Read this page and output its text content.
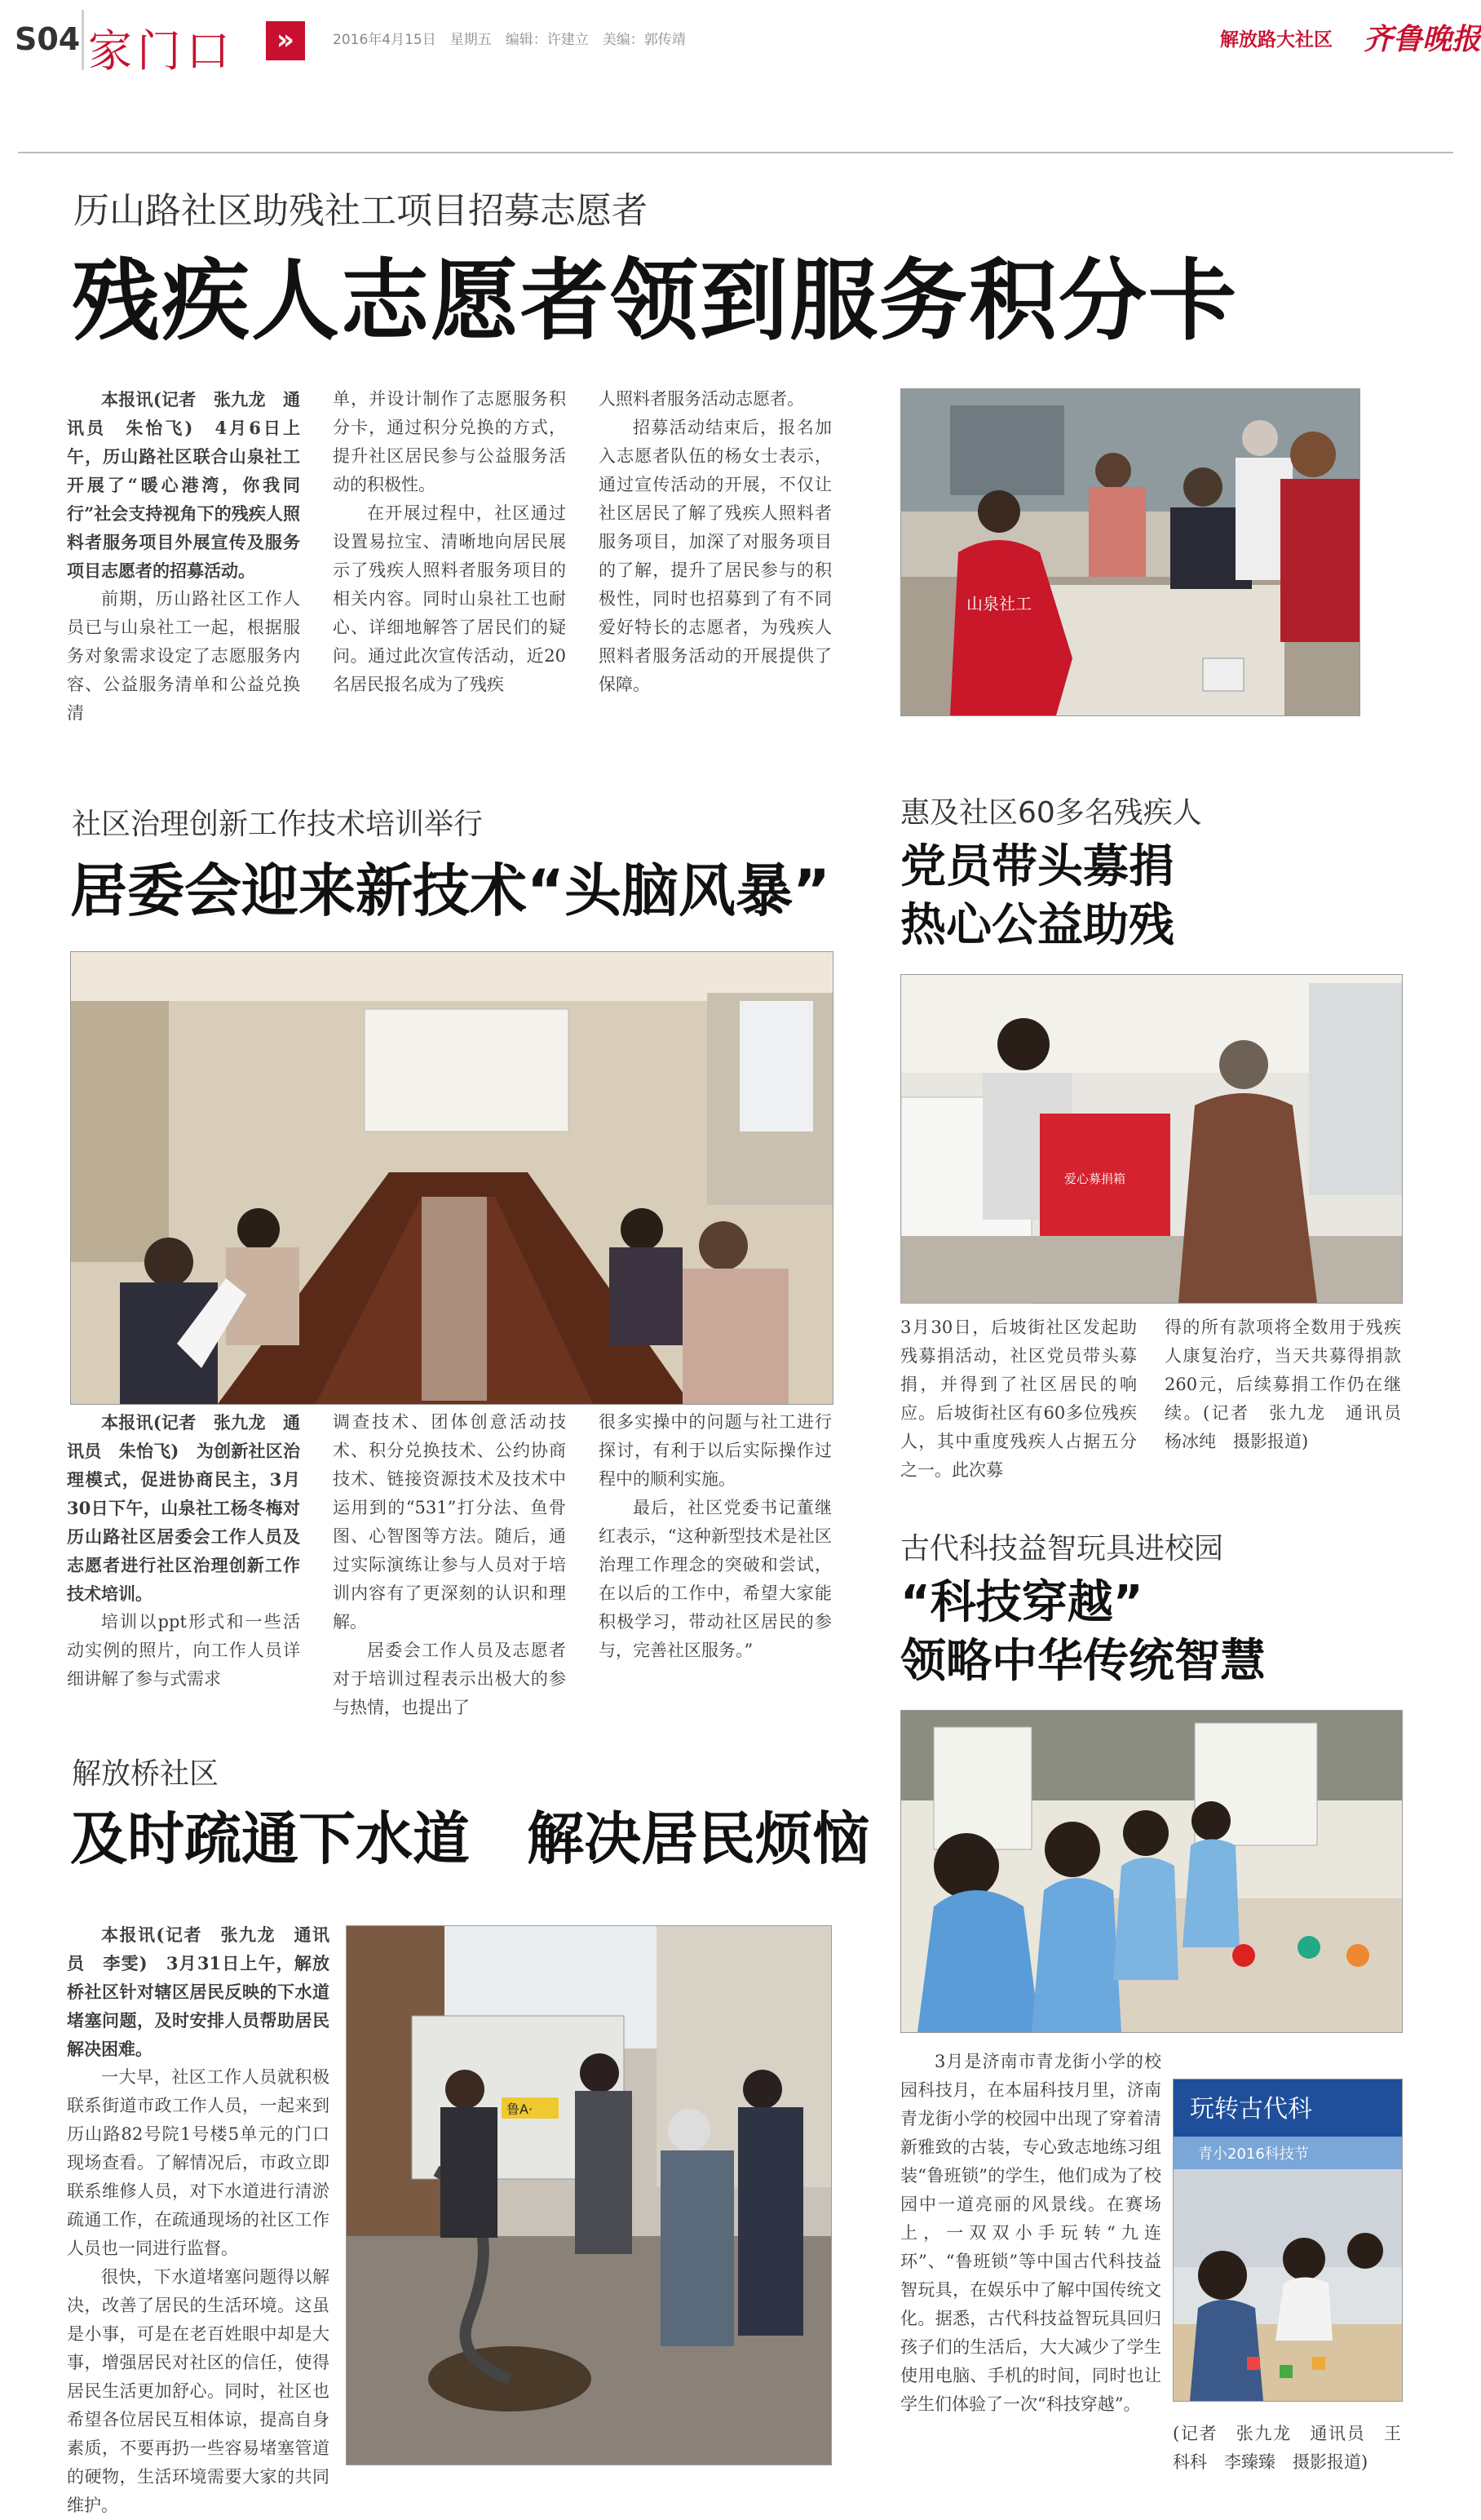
S04 家门口	»	2016年4月15日　星期五　编辑：许建立　美编：郭传靖	解放路大社区 齐鲁晚报
历山路社区助残社工项目招募志愿者
残疾人志愿者领到服务积分卡

本报讯(记者　张九龙　通讯员　朱怡飞)　4月6日上午，历山路社区联合山泉社工开展了“暖心港湾，你我同行”社会支持视角下的残疾人照料者服务项目外展宣传及服务项目志愿者的招募活动。

前期，历山路社区工作人员已与山泉社工一起，根据服务对象需求设定了志愿服务内容、公益服务清单和公益兑换清

单，并设计制作了志愿服务积分卡，通过积分兑换的方式，提升社区居民参与公益服务活动的积极性。

在开展过程中，社区通过设置易拉宝、清晰地向居民展示了残疾人照料者服务项目的相关内容。同时山泉社工也耐心、详细地解答了居民们的疑问。通过此次宣传活动，近20名居民报名成为了残疾

人照料者服务活动志愿者。

招募活动结束后，报名加入志愿者队伍的杨女士表示，通过宣传活动的开展，不仅让社区居民了解了残疾人照料者服务项目，加深了对服务项目的了解，提升了居民参与的积极性，同时也招募到了有不同爱好特长的志愿者，为残疾人照料者服务活动的开展提供了保障。

山泉社工
社区治理创新工作技术培训举行
居委会迎来新技术“头脑风暴”

本报讯(记者　张九龙　通讯员　朱怡飞)　为创新社区治理模式，促进协商民主，3月30日下午，山泉社工杨冬梅对历山路社区居委会工作人员及志愿者进行社区治理创新工作技术培训。

培训以ppt形式和一些活动实例的照片，向工作人员详细讲解了参与式需求

调查技术、团体创意活动技术、积分兑换技术、公约协商技术、链接资源技术及技术中运用到的“531”打分法、鱼骨图、心智图等方法。随后，通过实际演练让参与人员对于培训内容有了更深刻的认识和理解。

居委会工作人员及志愿者对于培训过程表示出极大的参与热情，也提出了

很多实操中的问题与社工进行探讨，有利于以后实际操作过程中的顺利实施。

最后，社区党委书记董继红表示，“这种新型技术是社区治理工作理念的突破和尝试，在以后的工作中，希望大家能积极学习，带动社区居民的参与，完善社区服务。”

惠及社区60多名残疾人
党员带头募捐
热心公益助残
爱心募捐箱
3月30日，后坡街社区发起助残募捐活动，社区党员带头募捐，并得到了社区居民的响应。后坡街社区有60多位残疾人，其中重度残疾人占据五分之一。此次募
得的所有款项将全数用于残疾人康复治疗，当天共募得捐款260元，后续募捐工作仍在继续。(记者　张九龙　通讯员　杨冰纯　摄影报道)
古代科技益智玩具进校园
“科技穿越”
领略中华传统智慧
3月是济南市青龙街小学的校园科技月，在本届科技月里，济南青龙街小学的校园中出现了穿着清新雅致的古装，专心致志地练习组装“鲁班锁”的学生，他们成为了校园中一道亮丽的风景线。在赛场上，一双双小手玩转“九连环”、“鲁班锁”等中国古代科技益智玩具，在娱乐中了解中国传统文化。据悉，古代科技益智玩具回归孩子们的生活后，大大减少了学生使用电脑、手机的时间，同时也让学生们体验了一次“科技穿越”。
玩转古代科
青小2016科技节
(记者　张九龙　通讯员　王科科　李臻臻　摄影报道)
解放桥社区
及时疏通下水道　解决居民烦恼

本报讯(记者　张九龙　通讯员　李雯)　3月31日上午，解放桥社区针对辖区居民反映的下水道堵塞问题，及时安排人员帮助居民解决困难。

一大早，社区工作人员就积极联系街道市政工作人员，一起来到历山路82号院1号楼5单元的门口现场查看。了解情况后，市政立即联系维修人员，对下水道进行清淤疏通工作，在疏通现场的社区工作人员也一同进行监督。

很快，下水道堵塞问题得以解决，改善了居民的生活环境。这虽是小事，可是在老百姓眼中却是大事，增强居民对社区的信任，使得居民生活更加舒心。同时，社区也希望各位居民互相体谅，提高自身素质，不要再扔一些容易堵塞管道的硬物，生活环境需要大家的共同维护。

鲁A·
